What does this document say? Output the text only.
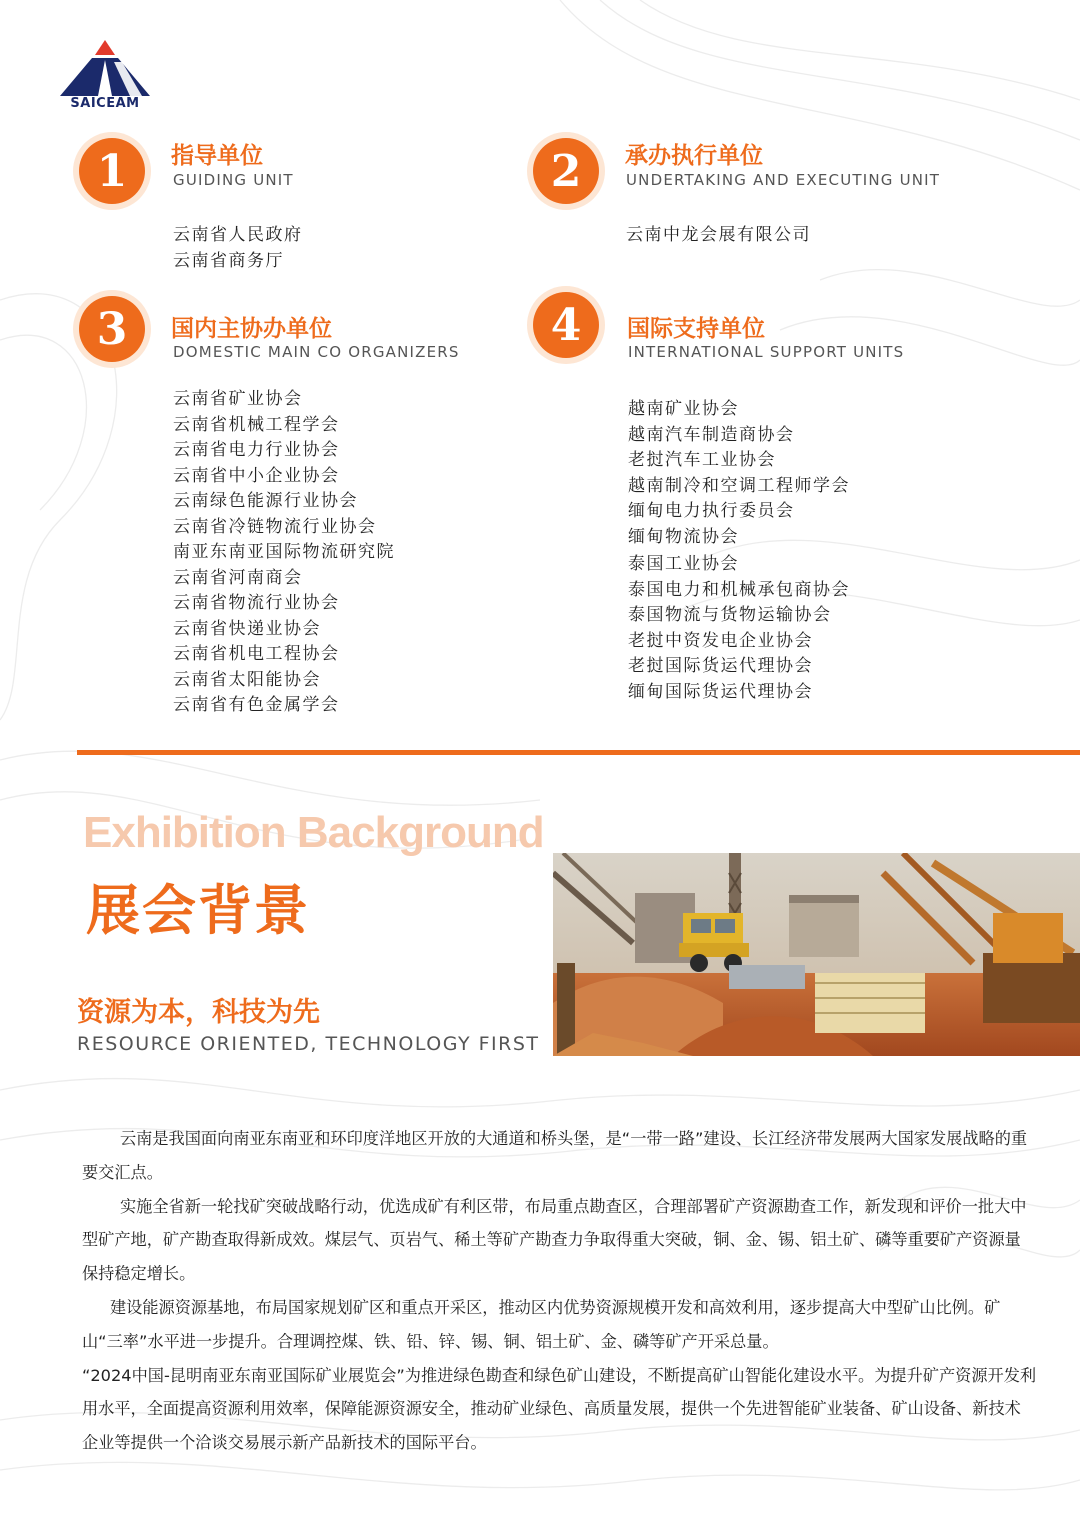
SAICEAM
1	指导单位
GUIDING UNIT
云南省人民政府
云南省商务厅
2	承办执行单位
UNDERTAKING AND EXECUTING UNIT
云南中龙会展有限公司
3	国内主协办单位
DOMESTIC MAIN CO ORGANIZERS
云南省矿业协会
云南省机械工程学会
云南省电力行业协会
云南省中小企业协会
云南绿色能源行业协会
云南省冷链物流行业协会
南亚东南亚国际物流研究院
云南省河南商会
云南省物流行业协会
云南省快递业协会
云南省机电工程协会
云南省太阳能协会
云南省有色金属学会
4	国际支持单位
INTERNATIONAL SUPPORT UNITS
越南矿业协会
越南汽车制造商协会
老挝汽车工业协会
越南制冷和空调工程师学会
缅甸电力执行委员会
缅甸物流协会
泰国工业协会
泰国电力和机械承包商协会
泰国物流与货物运输协会
老挝中资发电企业协会
老挝国际货运代理协会
缅甸国际货运代理协会
Exhibition Background
展会背景
资源为本，科技为先
RESOURCE ORIENTED, TECHNOLOGY FIRST

云南是我国面向南亚东南亚和环印度洋地区开放的大通道和桥头堡，是“一带一路”建设、长江经济带发展两大国家发展战略的重要交汇点。

实施全省新一轮找矿突破战略行动，优选成矿有利区带，布局重点勘查区，合理部署矿产资源勘查工作，新发现和评价一批大中型矿产地，矿产勘查取得新成效。煤层气、页岩气、稀土等矿产勘查力争取得重大突破，铜、金、锡、铝土矿、磷等重要矿产资源量保持稳定增长。

建设能源资源基地，布局国家规划矿区和重点开采区，推动区内优势资源规模开发和高效利用，逐步提高大中型矿山比例。矿山“三率”水平进一步提升。合理调控煤、铁、铅、锌、锡、铜、铝土矿、金、磷等矿产开采总量。

“2024中国-昆明南亚东南亚国际矿业展览会”为推进绿色勘查和绿色矿山建设，不断提高矿山智能化建设水平。为提升矿产资源开发利用水平，全面提高资源利用效率，保障能源资源安全，推动矿业绿色、高质量发展，提供一个先进智能矿业装备、矿山设备、新技术企业等提供一个洽谈交易展示新产品新技术的国际平台。
